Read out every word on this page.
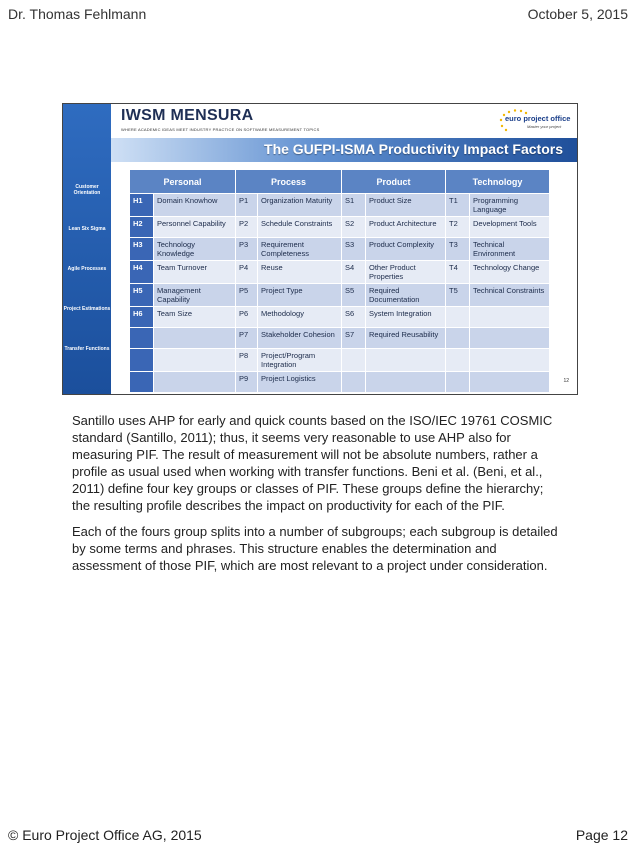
Dr. Thomas Fehlmann	October 5, 2015
Customer Orientation
Lean Six Sigma
Agile Processes
Project Estimations
Transfer Functions
IWSM MENSURA
WHERE ACADEMIC IDEAS MEET INDUSTRY PRACTICE ON SOFTWARE MEASUREMENT TOPICS
euro project office
Master your project
The GUFPI-ISMA Productivity Impact Factors
Personal		Process		Product		Technology	
H1	Domain Knowhow	P1	Organization Maturity	S1	Product Size	T1	Programming Language
H2	Personnel Capability	P2	Schedule Constraints	S2	Product Architecture	T2	Development Tools
H3	Technology Knowledge	P3	Requirement Completeness	S3	Product Complexity	T3	Technical Environment
H4	Team Turnover	P4	Reuse	S4	Other Product Properties	T4	Technology Change
H5	Management Capability	P5	Project Type	S5	Required Documentation	T5	Technical Constraints
H6	Team Size	P6	Methodology	S6	System Integration		
		P7	Stakeholder Cohesion	S7	Required Reusability		
		P8	Project/Program Integration				
		P9	Project Logistics					12

Santillo uses AHP for early and quick counts based on the ISO/IEC 19761 COSMIC standard (Santillo, 2011); thus, it seems very reasonable to use AHP also for measuring PIF. The result of measurement will not be absolute numbers, rather a profile as usual used when working with transfer functions. Beni et al. (Beni, et al., 2011) define four key groups or classes of PIF. These groups define the hierarchy; the resulting profile describes the impact on productivity for each of the PIF.

Each of the fours group splits into a number of subgroups; each subgroup is detailed by some terms and phrases. This structure enables the determination and assessment of those PIF, which are most relevant to a project under consideration.

© Euro Project Office AG, 2015	Page 12
